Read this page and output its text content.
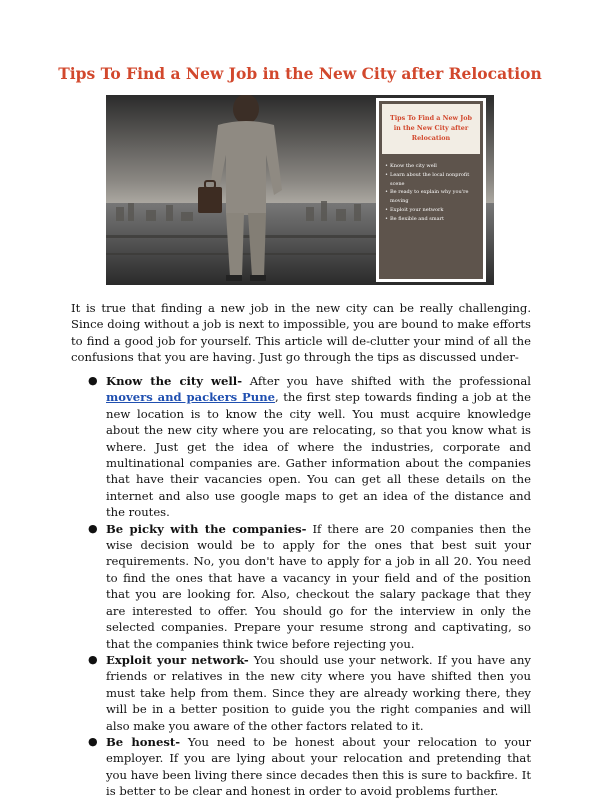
Tips To Find a New Job in the New City after Relocation
Tips To Find a New Job in the New City after Relocation
• Know the city well
• Learn about the local nonprofit scene
• Be ready to explain why you're moving
• Exploit your network
• Be flexible and smart

It is true that finding a new job in the new city can be really challenging. Since doing without a job is next to impossible, you are bound to make efforts to find a good job for yourself. This article will de-clutter your mind of all the confusions that you are having. Just go through the tips as discussed under-

● Know the city well- After you have shifted with the professional movers and packers Pune, the first step towards finding a job at the new location is to know the city well. You must acquire knowledge about the new city where you are relocating, so that you know what is where. Just get the idea of where the industries, corporate and multinational companies are. Gather information about the companies that have their vacancies open. You can get all these details on the internet and also use google maps to get an idea of the distance and the routes.
● Be picky with the companies- If there are 20 companies then the wise decision would be to apply for the ones that best suit your requirements. No, you don't have to apply for a job in all 20. You need to find the ones that have a vacancy in your field and of the position that you are looking for. Also, checkout the salary package that they are interested to offer. You should go for the interview in only the selected companies. Prepare your resume strong and captivating, so that the companies think twice before rejecting you.
● Exploit your network- You should use your network. If you have any friends or relatives in the new city where you have shifted then you must take help from them. Since they are already working there, they will be in a better position to guide you the right companies and will also make you aware of the other factors related to it.
● Be honest- You need to be honest about your relocation to your employer. If you are lying about your relocation and pretending that you have been living there since decades then this is sure to backfire. It is better to be clear and honest in order to avoid problems further.
